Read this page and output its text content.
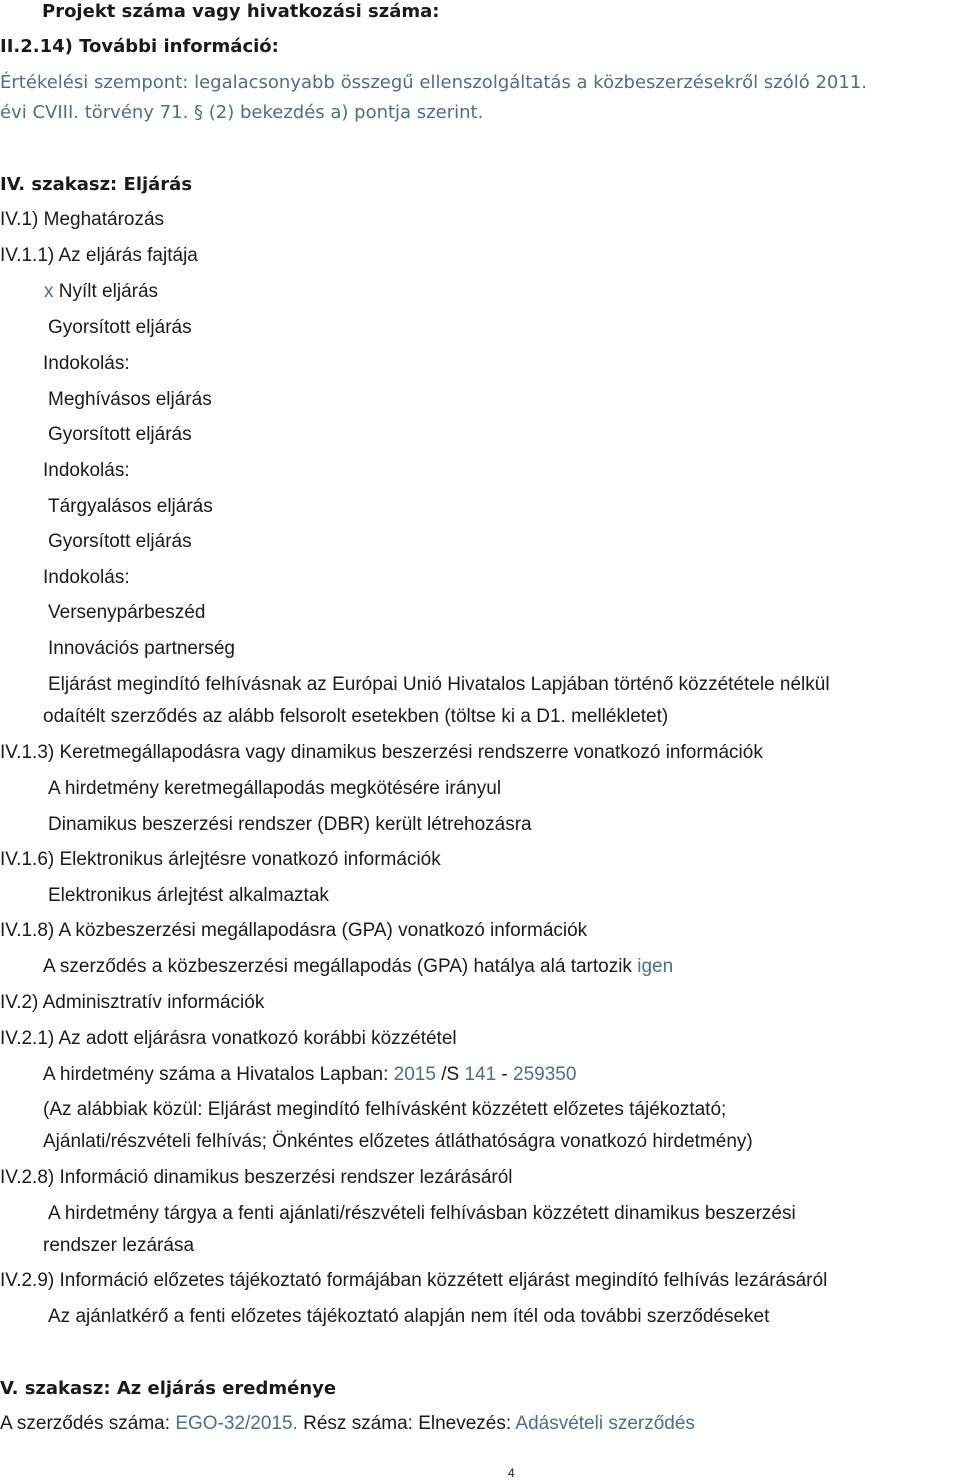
Projekt száma vagy hivatkozási száma:
II.2.14) További információ:
Értékelési szempont: legalacsonyabb összegű ellenszolgáltatás a közbeszerzésekről szóló 2011.
évi CVIII. törvény 71. § (2) bekezdés a) pontja szerint.
IV. szakasz: Eljárás
IV.1) Meghatározás
IV.1.1) Az eljárás fajtája
x Nyílt eljárás
Gyorsított eljárás
Indokolás:
Meghívásos eljárás
Gyorsított eljárás
Indokolás:
Tárgyalásos eljárás
Gyorsított eljárás
Indokolás:
Versenypárbeszéd
Innovációs partnerség
Eljárást megindító felhívásnak az Európai Unió Hivatalos Lapjában történő közzététele nélkül
odaítélt szerződés az alább felsorolt esetekben (töltse ki a D1. mellékletet)
IV.1.3) Keretmegállapodásra vagy dinamikus beszerzési rendszerre vonatkozó információk
A hirdetmény keretmegállapodás megkötésére irányul
Dinamikus beszerzési rendszer (DBR) került létrehozásra
IV.1.6) Elektronikus árlejtésre vonatkozó információk
Elektronikus árlejtést alkalmaztak
IV.1.8) A közbeszerzési megállapodásra (GPA) vonatkozó információk
A szerződés a közbeszerzési megállapodás (GPA) hatálya alá tartozik igen
IV.2) Adminisztratív információk
IV.2.1) Az adott eljárásra vonatkozó korábbi közzététel
A hirdetmény száma a Hivatalos Lapban: 2015 /S 141 - 259350
(Az alábbiak közül: Eljárást megindító felhívásként közzétett előzetes tájékoztató;
Ajánlati/részvételi felhívás; Önkéntes előzetes átláthatóságra vonatkozó hirdetmény)
IV.2.8) Információ dinamikus beszerzési rendszer lezárásáról
A hirdetmény tárgya a fenti ajánlati/részvételi felhívásban közzétett dinamikus beszerzési
rendszer lezárása
IV.2.9) Információ előzetes tájékoztató formájában közzétett eljárást megindító felhívás lezárásáról
Az ajánlatkérő a fenti előzetes tájékoztató alapján nem ítél oda további szerződéseket
V. szakasz: Az eljárás eredménye
A szerződés száma: EGO-32/2015. Rész száma: Elnevezés: Adásvételi szerződés
4
